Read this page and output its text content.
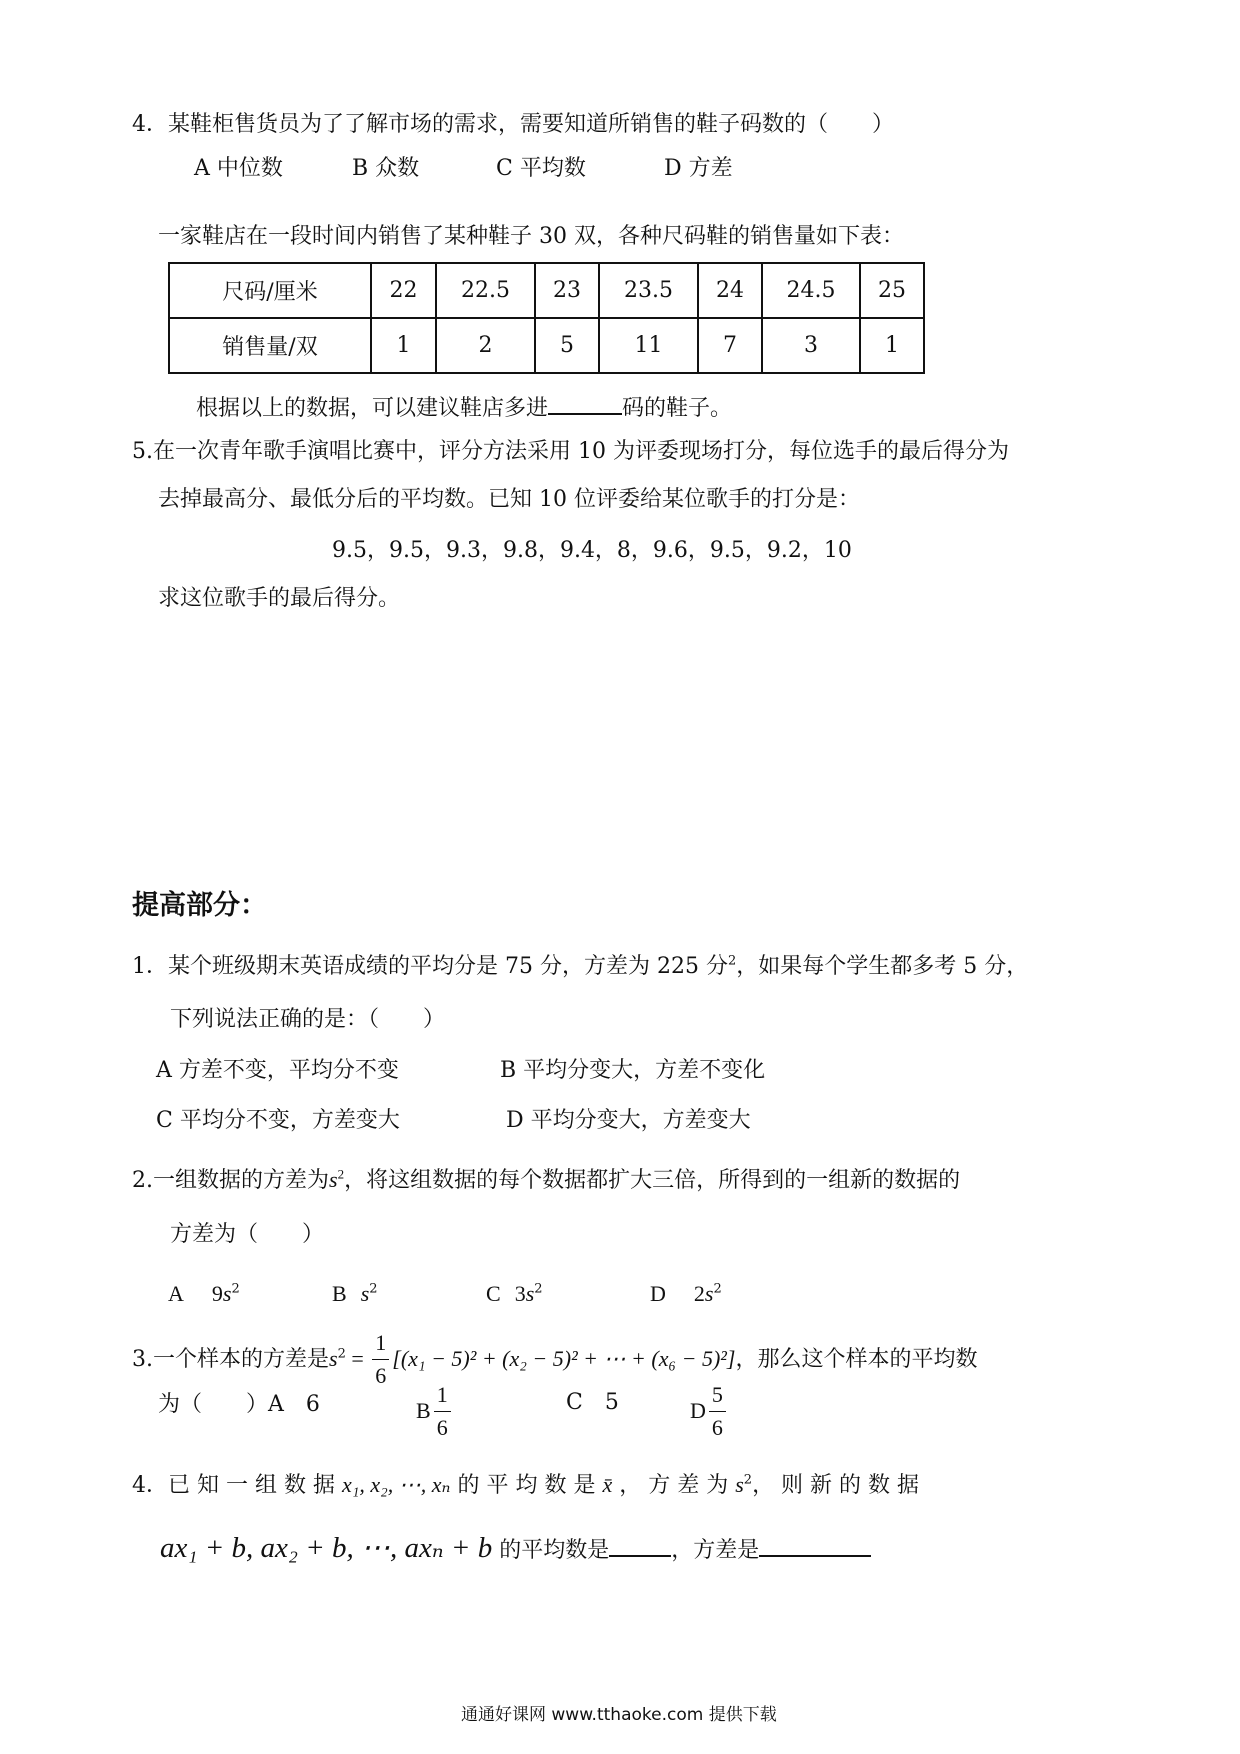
4．某鞋柜售货员为了了解市场的需求，需要知道所销售的鞋子码数的（　　）
A 中位数	B 众数	C 平均数	D 方差
一家鞋店在一段时间内销售了某种鞋子 30 双，各种尺码鞋的销售量如下表：
尺码/厘米	22	22.5	23	23.5	24	24.5	25
销售量/双	1	2	5	11	7	3	1
根据以上的数据，可以建议鞋店多进	码的鞋子。
5.在一次青年歌手演唱比赛中，评分方法采用 10 为评委现场打分，每位选手的最后得分为
去掉最高分、最低分后的平均数。已知 10 位评委给某位歌手的打分是：
9.5，9.5，9.3，9.8，9.4，8，9.6，9.5，9.2，10
求这位歌手的最后得分。
提高部分：
1．某个班级期末英语成绩的平均分是 75 分，方差为 225 分$^2$，如果每个学生都多考 5 分，
下列说法正确的是：（　　）
A 方差不变，平均分不变	B 平均分变大，方差不变化
C 平均分不变，方差变大	D 平均分变大，方差变大
2.一组数据的方差为$s^2$，将这组数据的每个数据都扩大三倍，所得到的一组新的数据的
方差为（　　）
A $9s^2$	B $s^2$	C $3s^2$	D $2s^2$
3.一个样本的方差是$s^2 = \frac{1}{6} [(x_1 - 5)^2 + (x_2 - 5)^2$ + ⋯ + (x₆ − 5)²]，那么这个样本的平均数
为（　　）A　6	B $\frac{1}{6}$	C　5	D $\frac{5}{6}$
4．已 知 一 组 数 据 x₁, x₂, ⋯, xₙ 的 平 均 数 是 x̄ ， 方 差 为 $s^2$， 则 新 的 数 据
ax₁ + b, ax₂ + b, ⋯, axₙ + b 的平均数是	，方差是
通通好课网 www.tthaoke.com 提供下载
